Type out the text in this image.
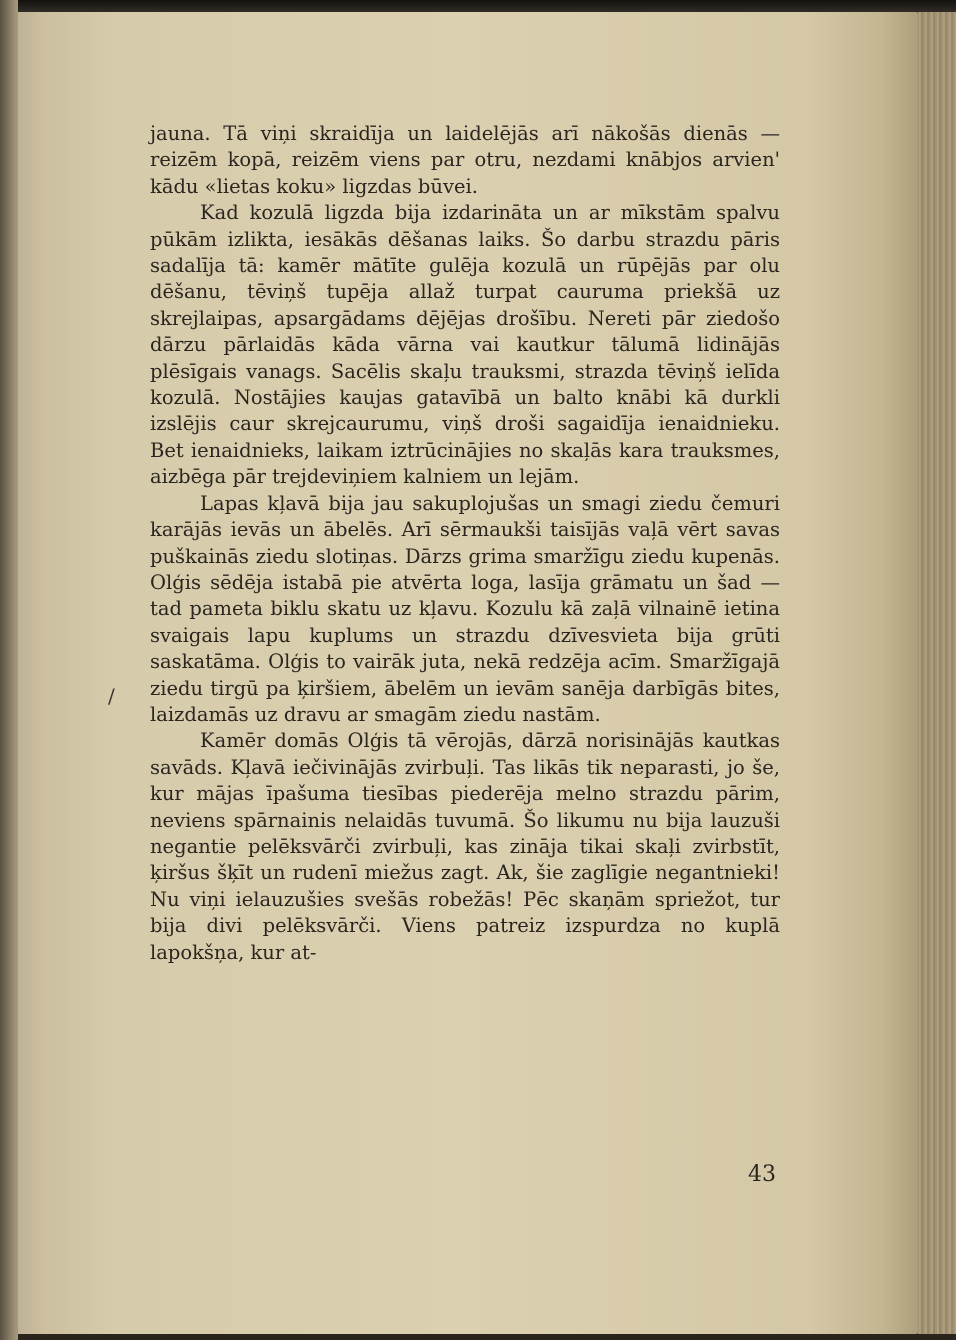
jauna. Tā viņi skraidīja un laidelējās arī nākošās dienās — reizēm kopā, reizēm viens par otru, nezdami knābjos arvien' kādu «lietas koku» ligzdas būvei.

Kad kozulā ligzda bija izdarināta un ar mīkstām spalvu pūkām izlikta, iesākās dēšanas laiks. Šo darbu strazdu pāris sadalīja tā: kamēr mātīte gulēja kozulā un rūpējās par olu dēšanu, tēviņš tupēja allaž turpat cauruma priekšā uz skrejlaipas, apsargādams dējējas drošību. Nereti pār ziedošo dārzu pārlaidās kāda vārna vai kautkur tālumā lidinājās plēsīgais vanags. Sacēlis skaļu trauksmi, strazda tēviņš ielīda kozulā. Nostājies kaujas gatavībā un balto knābi kā durkli izslējis caur skrejcaurumu, viņš droši sagaidīja ienaidnieku. Bet ienaidnieks, laikam iztrūcinājies no skaļās kara trauksmes, aizbēga pār trejdeviņiem kalniem un lejām.

Lapas kļavā bija jau sakuplojušas un smagi ziedu čemuri karājās ievās un ābelēs. Arī sērmaukši taisījās vaļā vērt savas puškainās ziedu slotiņas. Dārzs grima smaržīgu ziedu kupenās. Olģis sēdēja istabā pie atvērta loga, lasīja grāmatu un šad — tad pameta biklu skatu uz kļavu. Kozulu kā zaļā vilnainē ietina svaigais lapu kuplums un strazdu dzīvesvieta bija grūti saskatāma. Olģis to vairāk juta, nekā redzēja acīm. Smaržīgajā ziedu tirgū pa ķiršiem, ābelēm un ievām sanēja darbīgās bites, laizdamās uz dravu ar smagām ziedu nastām.

Kamēr domās Olģis tā vērojās, dārzā norisinājās kautkas savāds. Kļavā iečivinājās zvirbuļi. Tas likās tik neparasti, jo še, kur mājas īpašuma tiesības piederēja melno strazdu pārim, neviens spārnainis nelaidās tuvumā. Šo likumu nu bija lauzuši negantie pelēksvārči zvirbuļi, kas zināja tikai skaļi zvirbstīt, ķiršus šķīt un rudenī miežus zagt. Ak, šie zaglīgie negantnieki! Nu viņi ielauzušies svešās robežās! Pēc skaņām spriežot, tur bija divi pelēksvārči. Viens patreiz izspurdza no kuplā lapokšņa, kur at-

/
43
